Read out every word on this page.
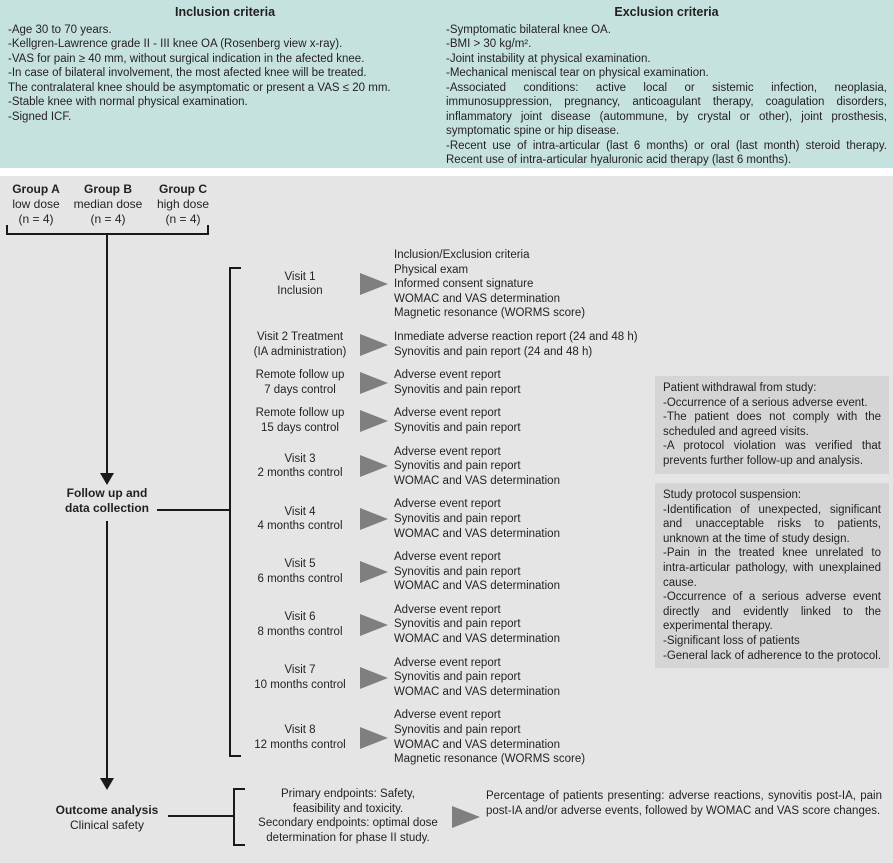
Inclusion criteria
-Age 30 to 70 years.
-Kellgren-Lawrence grade II - III knee OA (Rosenberg view x-ray).
-VAS for pain ≥ 40 mm, without surgical indication in the afected knee.
-In case of bilateral involvement, the most afected knee will be treated.
The contralateral knee should be asymptomatic or present a VAS ≤ 20 mm.
-Stable knee with normal physical examination.
-Signed ICF.
Exclusion criteria
-Symptomatic bilateral knee OA.
-BMI > 30 kg/m².
-Joint instability at physical examination.
-Mechanical meniscal tear on physical examination.
-Associated conditions: active local or sistemic infection, neoplasia, immunosuppression, pregnancy, anticoagulant therapy, coagulation disorders, inflammatory joint disease (autommune, by crystal or other), joint prosthesis, symptomatic spine or hip disease.
-Recent use of intra-articular (last 6 months) or oral (last month) steroid therapy. Recent use of intra-articular hyaluronic acid therapy (last 6 months).
Group A
low dose
(n = 4)
Group B
median dose
(n = 4)
Group C
high dose
(n = 4)
Follow up and
data collection
Outcome analysis
Clinical safety
Visit 1
Inclusion
Inclusion/Exclusion criteria
Physical exam
Informed consent signature
WOMAC and VAS determination
Magnetic resonance (WORMS score)
Visit 2 Treatment
(IA administration)
Inmediate adverse reaction report (24 and 48 h)
Synovitis and pain report (24 and 48 h)
Remote follow up
7 days control
Adverse event report
Synovitis and pain report
Remote follow up
15 days control
Adverse event report
Synovitis and pain report
Visit 3
2 months control
Adverse event report
Synovitis and pain report
WOMAC and VAS determination
Visit 4
4 months control
Adverse event report
Synovitis and pain report
WOMAC and VAS determination
Visit 5
6 months control
Adverse event report
Synovitis and pain report
WOMAC and VAS determination
Visit 6
8 months control
Adverse event report
Synovitis and pain report
WOMAC and VAS determination
Visit 7
10 months control
Adverse event report
Synovitis and pain report
WOMAC and VAS determination
Visit 8
12 months control
Adverse event report
Synovitis and pain report
WOMAC and VAS determination
Magnetic resonance (WORMS score)
Patient withdrawal from study:
-Occurrence of a serious adverse event.
-The patient does not comply with the scheduled and agreed visits.
-A protocol violation was verified that prevents further follow-up and analysis.
Study protocol suspension:
-Identification of unexpected, significant and unacceptable risks to patients, unknown at the time of study design.
-Pain in the treated knee unrelated to intra-articular pathology, with unexplained cause.
-Occurrence of a serious adverse event directly and evidently linked to the experimental therapy.
-Significant loss of patients
-General lack of adherence to the protocol.
Primary endpoints: Safety,
feasibility and toxicity.
Secondary endpoints: optimal dose
determination for phase II study.
Percentage of patients presenting: adverse reactions, synovitis post-IA, pain post-IA and/or adverse events, followed by WOMAC and VAS score changes.
